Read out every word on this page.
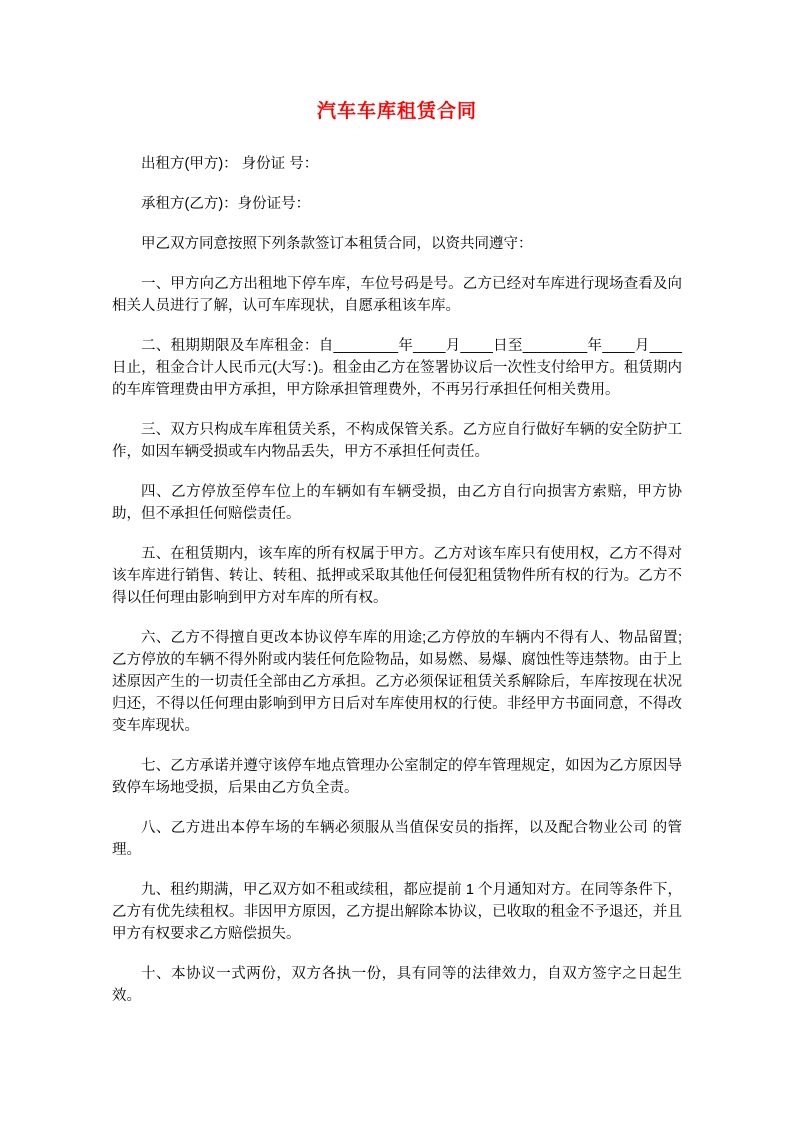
汽车车库租赁合同

出租方(甲方)： 身份证 号：

承租方(乙方)：身份证号：

甲乙双方同意按照下列条款签订本租赁合同，以资共同遵守：

一、甲方向乙方出租地下停车库，车位号码是号。乙方已经对车库进行现场查看及向相关人员进行了解，认可车库现状，自愿承租该车库。

二、租期期限及车库租金：自________年____月____日至________年____月____日止，租金合计人民币元(大写：)。租金由乙方在签署协议后一次性支付给甲方。租赁期内的车库管理费由甲方承担，甲方除承担管理费外，不再另行承担任何相关费用。

三、双方只构成车库租赁关系，不构成保管关系。乙方应自行做好车辆的安全防护工作，如因车辆受损或车内物品丢失，甲方不承担任何责任。

四、乙方停放至停车位上的车辆如有车辆受损，由乙方自行向损害方索赔，甲方协助，但不承担任何赔偿责任。

五、在租赁期内，该车库的所有权属于甲方。乙方对该车库只有使用权，乙方不得对该车库进行销售、转让、转租、抵押或采取其他任何侵犯租赁物件所有权的行为。乙方不得以任何理由影响到甲方对车库的所有权。

六、乙方不得擅自更改本协议停车库的用途;乙方停放的车辆内不得有人、物品留置;乙方停放的车辆不得外附或内装任何危险物品，如易燃、易爆、腐蚀性等违禁物。由于上述原因产生的一切责任全部由乙方承担。乙方必须保证租赁关系解除后，车库按现在状况归还，不得以任何理由影响到甲方日后对车库使用权的行使。非经甲方书面同意，不得改变车库现状。

七、乙方承诺并遵守该停车地点管理办公室制定的停车管理规定，如因为乙方原因导致停车场地受损，后果由乙方负全责。

八、乙方进出本停车场的车辆必须服从当值保安员的指挥，以及配合物业公司 的管理。

九、租约期满，甲乙双方如不租或续租，都应提前 1 个月通知对方。在同等条件下，乙方有优先续租权。非因甲方原因，乙方提出解除本协议，已收取的租金不予退还，并且甲方有权要求乙方赔偿损失。

十、本协议一式两份，双方各执一份，具有同等的法律效力，自双方签字之日起生效。
